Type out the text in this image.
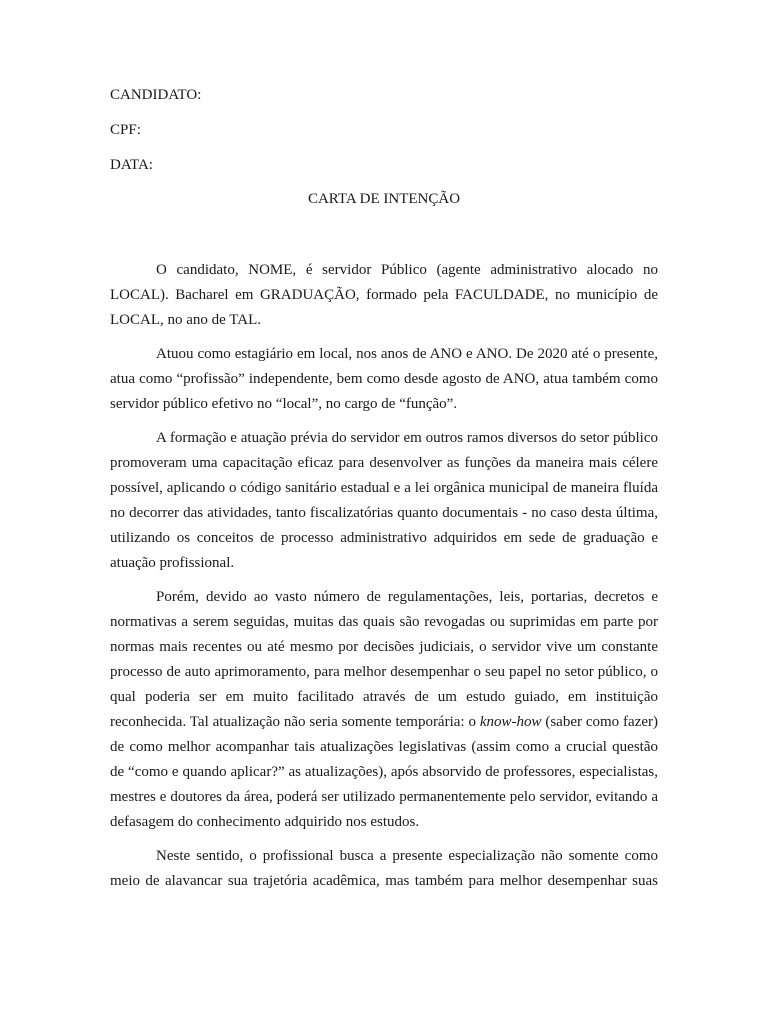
CANDIDATO:

CPF:

DATA:

CARTA DE INTENÇÃO

O candidato, NOME, é servidor Público (agente administrativo alocado no LOCAL). Bacharel em GRADUAÇÃO, formado pela FACULDADE, no município de LOCAL, no ano de TAL.

Atuou como estagiário em local, nos anos de ANO e ANO. De 2020 até o presente, atua como “profissão” independente, bem como desde agosto de ANO, atua também como servidor público efetivo no “local”, no cargo de “função”.

A formação e atuação prévia do servidor em outros ramos diversos do setor público promoveram uma capacitação eficaz para desenvolver as funções da maneira mais célere possível, aplicando o código sanitário estadual e a lei orgânica municipal de maneira fluída no decorrer das atividades, tanto fiscalizatórias quanto documentais - no caso desta última, utilizando os conceitos de processo administrativo adquiridos em sede de graduação e atuação profissional.

Porém, devido ao vasto número de regulamentações, leis, portarias, decretos e normativas a serem seguidas, muitas das quais são revogadas ou suprimidas em parte por normas mais recentes ou até mesmo por decisões judiciais, o servidor vive um constante processo de auto aprimoramento, para melhor desempenhar o seu papel no setor público, o qual poderia ser em muito facilitado através de um estudo guiado, em instituição reconhecida. Tal atualização não seria somente temporária: o know-how (saber como fazer) de como melhor acompanhar tais atualizações legislativas (assim como a crucial questão de “como e quando aplicar?” as atualizações), após absorvido de professores, especialistas, mestres e doutores da área, poderá ser utilizado permanentemente pelo servidor, evitando a defasagem do conhecimento adquirido nos estudos.

Neste sentido, o profissional busca a presente especialização não somente como meio de alavancar sua trajetória acadêmica, mas também para melhor desempenhar suas
